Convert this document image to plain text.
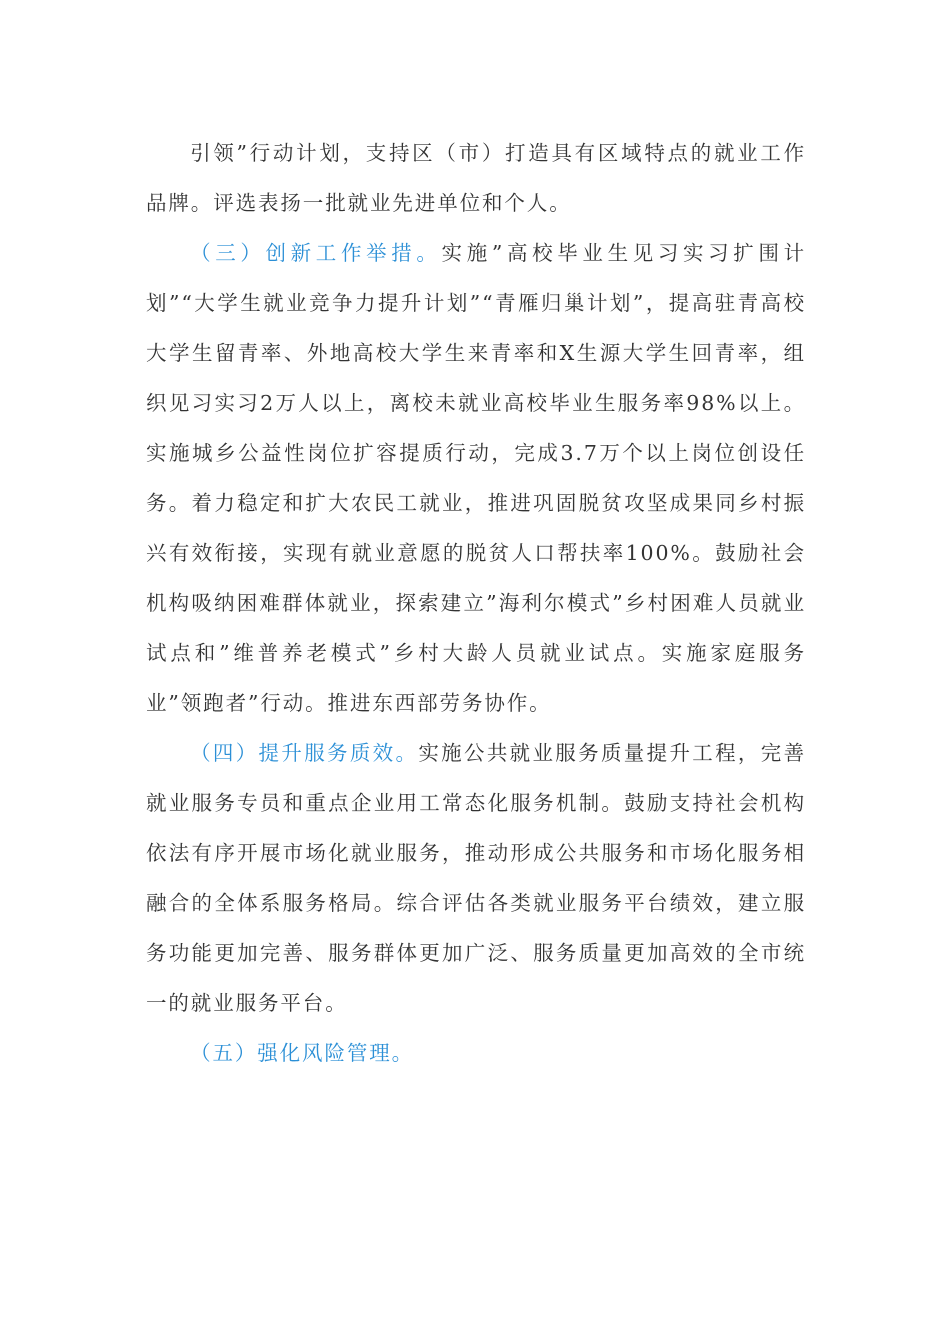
引领”行动计划，支持区（市）打造具有区域特点的就业工作品牌。评选表扬一批就业先进单位和个人。

（三）创新工作举措。实施”高校毕业生见习实习扩围计划”“大学生就业竞争力提升计划”“青雁归巢计划”，提高驻青高校大学生留青率、外地高校大学生来青率和X生源大学生回青率，组织见习实习2万人以上，离校未就业高校毕业生服务率98%以上。实施城乡公益性岗位扩容提质行动，完成3.7万个以上岗位创设任务。着力稳定和扩大农民工就业，推进巩固脱贫攻坚成果同乡村振兴有效衔接，实现有就业意愿的脱贫人口帮扶率100%。鼓励社会机构吸纳困难群体就业，探索建立”海利尔模式”乡村困难人员就业试点和”维普养老模式”乡村大龄人员就业试点。实施家庭服务业”领跑者”行动。推进东西部劳务协作。

（四）提升服务质效。实施公共就业服务质量提升工程，完善就业服务专员和重点企业用工常态化服务机制。鼓励支持社会机构依法有序开展市场化就业服务，推动形成公共服务和市场化服务相融合的全体系服务格局。综合评估各类就业服务平台绩效，建立服务功能更加完善、服务群体更加广泛、服务质量更加高效的全市统一的就业服务平台。

（五）强化风险管理。
